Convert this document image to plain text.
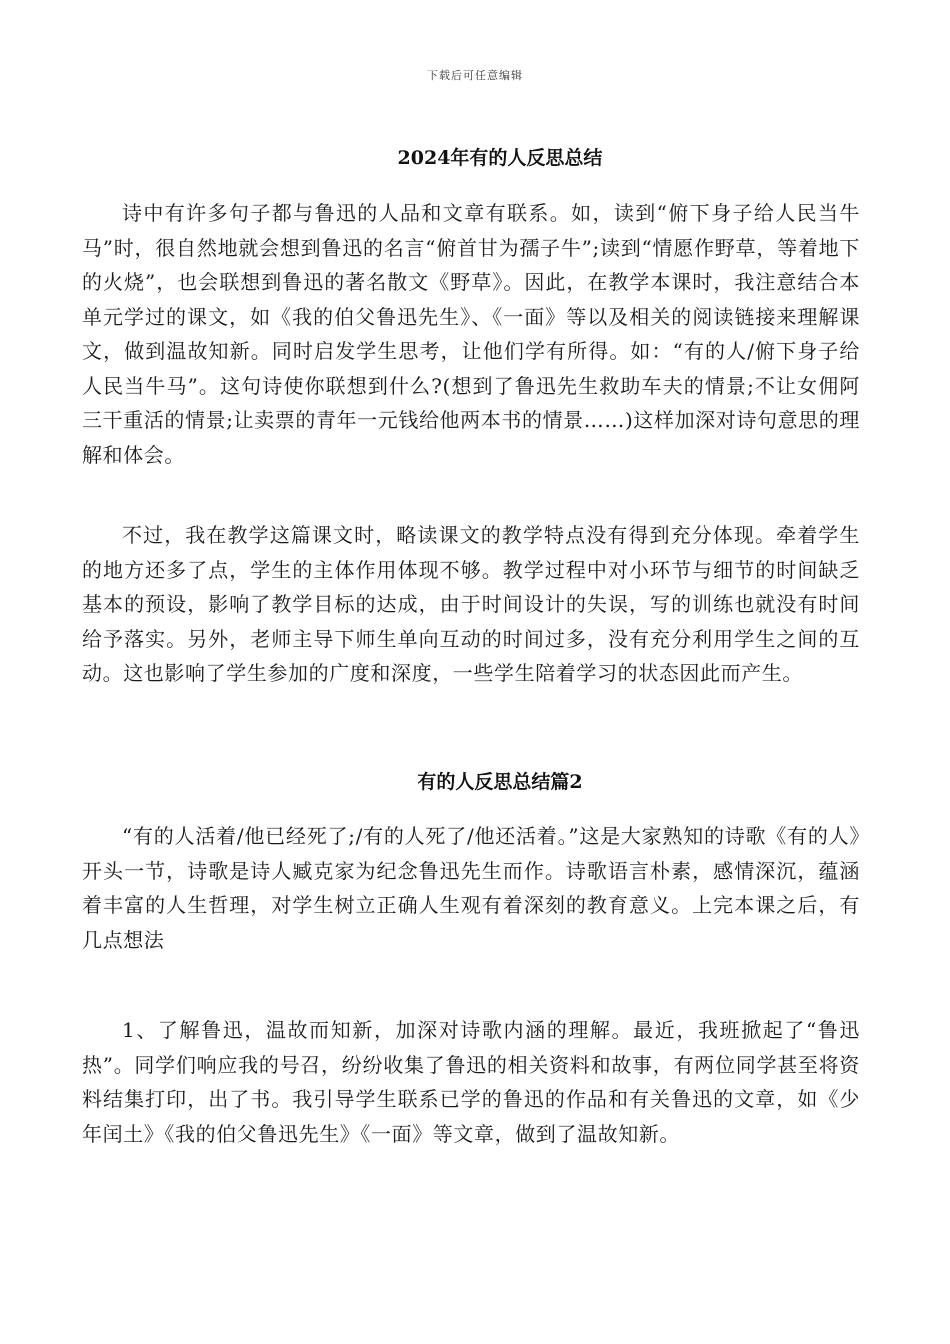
下载后可任意编辑
2024年有的人反思总结

诗中有许多句子都与鲁迅的人品和文章有联系。如，读到“俯下身子给人民当牛马”时，很自然地就会想到鲁迅的名言“俯首甘为孺子牛”;读到“情愿作野草，等着地下的火烧”，也会联想到鲁迅的著名散文《野草》。因此，在教学本课时，我注意结合本单元学过的课文，如《我的伯父鲁迅先生》、《一面》等以及相关的阅读链接来理解课文，做到温故知新。同时启发学生思考，让他们学有所得。如：“有的人/俯下身子给人民当牛马”。这句诗使你联想到什么?(想到了鲁迅先生救助车夫的情景;不让女佣阿三干重活的情景;让卖票的青年一元钱给他两本书的情景……)这样加深对诗句意思的理解和体会。

不过，我在教学这篇课文时，略读课文的教学特点没有得到充分体现。牵着学生的地方还多了点，学生的主体作用体现不够。教学过程中对小环节与细节的时间缺乏基本的预设，影响了教学目标的达成，由于时间设计的失误，写的训练也就没有时间给予落实。另外，老师主导下师生单向互动的时间过多，没有充分利用学生之间的互动。这也影响了学生参加的广度和深度，一些学生陪着学习的状态因此而产生。

有的人反思总结篇2

“有的人活着/他已经死了;/有的人死了/他还活着。”这是大家熟知的诗歌《有的人》开头一节，诗歌是诗人臧克家为纪念鲁迅先生而作。诗歌语言朴素，感情深沉，蕴涵着丰富的人生哲理，对学生树立正确人生观有着深刻的教育意义。上完本课之后，有几点想法

1、了解鲁迅，温故而知新，加深对诗歌内涵的理解。最近，我班掀起了“鲁迅热”。同学们响应我的号召，纷纷收集了鲁迅的相关资料和故事，有两位同学甚至将资料结集打印，出了书。我引导学生联系已学的鲁迅的作品和有关鲁迅的文章，如《少年闰土》《我的伯父鲁迅先生》《一面》等文章，做到了温故知新。
